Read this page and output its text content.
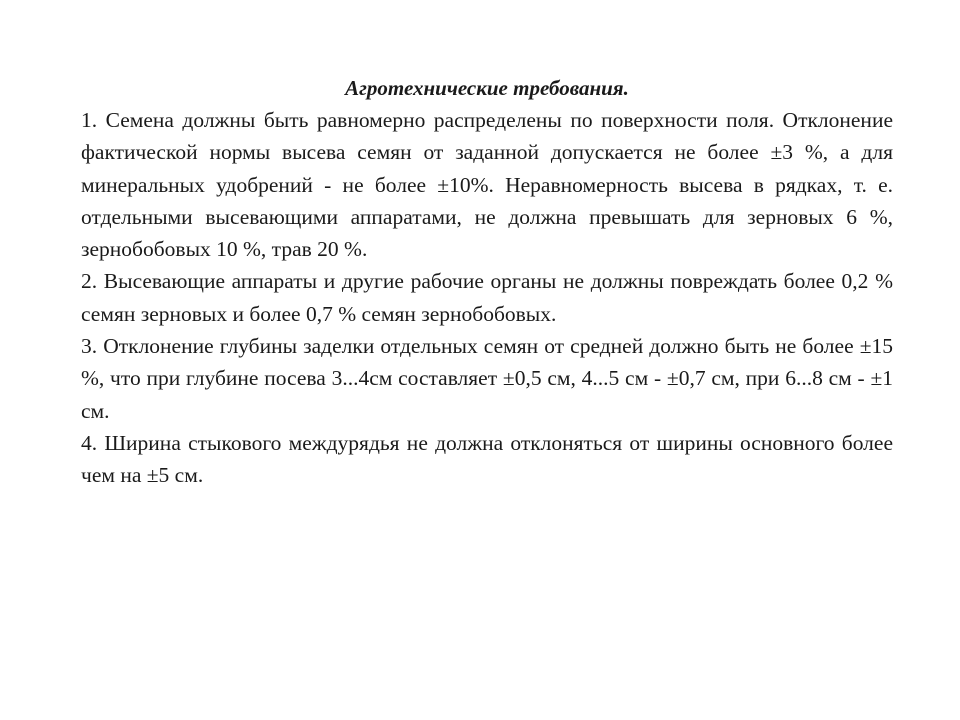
Агротехнические требования.

1. Семена должны быть равномерно распределены по поверхности поля. Отклонение фактической нормы высева семян от заданной допускается не более ±3 %, а для минеральных удобрений - не более ±10%. Неравномерность высева в рядках, т. е. отдельными высевающими аппаратами, не должна превышать для зерновых 6 %, зернобобовых 10 %, трав 20 %.

2. Высевающие аппараты и другие рабочие органы не должны повреждать более 0,2 % семян зерновых и более 0,7 % семян зернобобовых.

3. Отклонение глубины заделки отдельных семян от средней должно быть не более ±15 %, что при глубине посева 3...4см составляет ±0,5 см, 4...5 см - ±0,7 см, при 6...8 см - ±1 см.

4. Ширина стыкового междурядья не должна отклоняться от ширины основного более чем на ±5 см.
